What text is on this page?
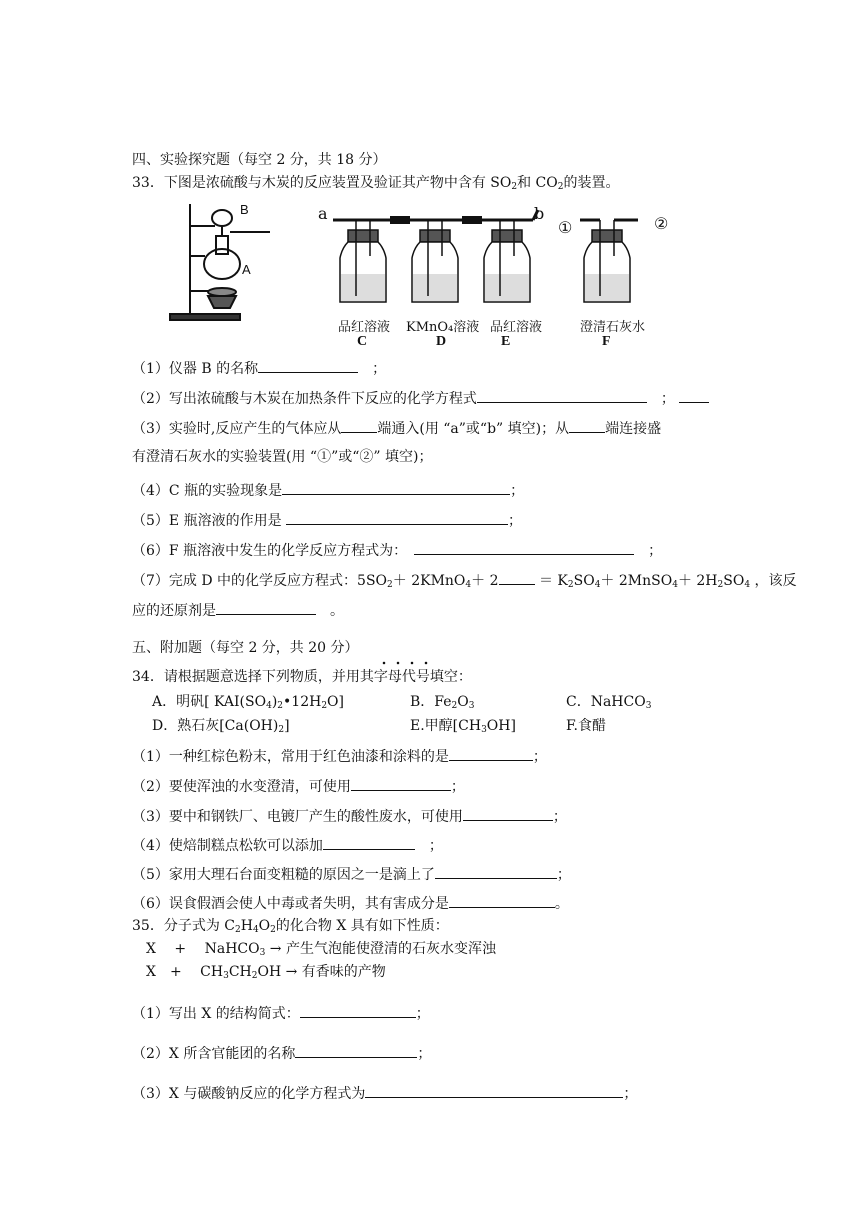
四、实验探究题（每空 2 分，共 18 分）
33．下图是浓硫酸与木炭的反应装置及验证其产物中含有 $SO_2$和 $CO_2$的装置。
B
A
a	b
①	②
品红溶液 KMnO₄溶液 品红溶液	澄清石灰水
C	D	E	F
（1）仪器 B 的名称　	；
（2）写出浓硫酸与木炭在加热条件下反应的化学方程式　	；
（3）实验时,反应产生的气体应从	端通入(用 “a”或“b” 填空)；从	端连接盛
有澄清石灰水的实验装置(用 “①”或“②” 填空)；
（4）C 瓶的实验现象是	；
（5）E 瓶溶液的作用是	；
（6）F 瓶溶液中发生的化学反应方程式为：　　	；
（7）完成 D 中的化学反应方程式：$5SO_2+$ 2KMnO$_4$＋ 2	＝ $K_2SO_4+$ 2MnSO$_4$＋ $2H_2SO_4$ ，该反
应的还原剂是　	。
五、附加题（每空 2 分，共 20 分）
34．请根据题意选择下列物质，并用其字母代号填空：
A．明矾[ $KAI(SO_4)_2•12H_2O$]	B．$Fe_2O_3$	C．NaHCO$_3$
D．熟石灰$[Ca(OH)_2]$	E.甲醇$[CH_3OH]$	F.食醋
（1）一种红棕色粉末，常用于红色油漆和涂料的是	；
（2）要使浑浊的水变澄清，可使用	；
（3）要中和钢铁厂、电镀厂产生的酸性废水，可使用	；
（4）使焙制糕点松软可以添加　	；
（5）家用大理石台面变粗糙的原因之一是滴上了	；
（6）误食假酒会使人中毒或者失明，其有害成分是	。
35．分子式为 $C_2H_4O_2$的化合物 X 具有如下性质：
X　 +　 NaHCO$_3$ → 产生气泡能使澄清的石灰水变浑浊
X　+　 $CH_3CH_2OH$ → 有香味的产物
（1）写出 X 的结构简式：	；
（2）X 所含官能团的名称	；
（3）X 与碳酸钠反应的化学方程式为	；
